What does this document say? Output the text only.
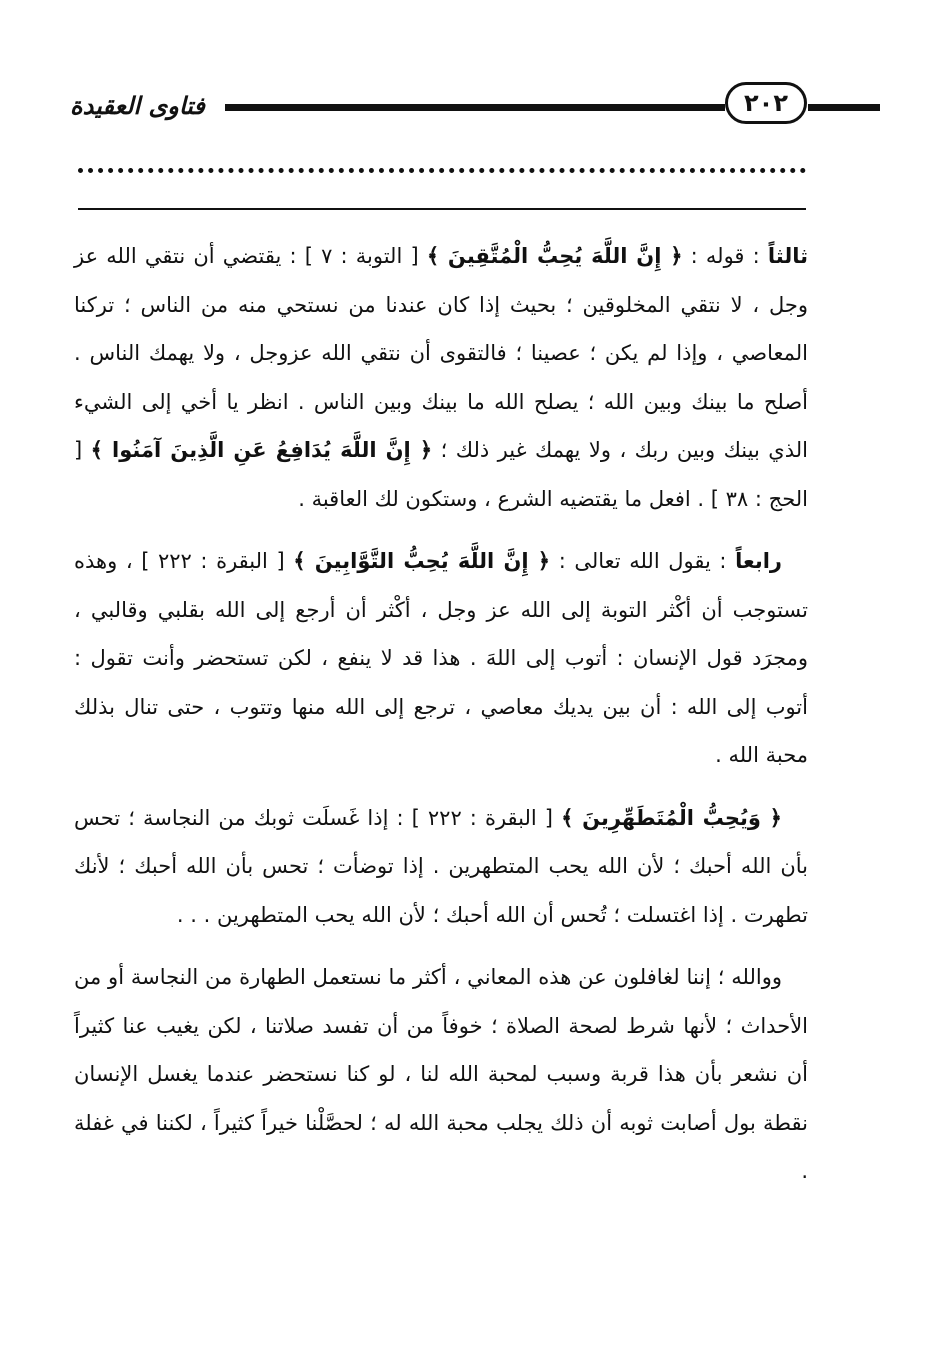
فتاوى العقيدة	٢٠٢

ثالثاً : قوله : ﴿ إِنَّ اللَّهَ يُحِبُّ الْمُتَّقِينَ ﴾ [ التوبة : ٧ ] : يقتضي أن نتقي الله عز وجل ، لا نتقي المخلوقين ؛ بحيث إذا كان عندنا من نستحي منه من الناس ؛ تركنا المعاصي ، وإذا لم يكن ؛ عصينا ؛ فالتقوى أن نتقي الله عزوجل ، ولا يهمك الناس . أصلح ما بينك وبين الله ؛ يصلح الله ما بينك وبين الناس . انظر يا أخي إلى الشيء الذي بينك وبين ربك ، ولا يهمك غير ذلك ؛ ﴿ إِنَّ اللَّهَ يُدَافِعُ عَنِ الَّذِينَ آمَنُوا ﴾ [ الحج : ٣٨ ] . افعل ما يقتضيه الشرع ، وستكون لك العاقبة .

رابعاً : يقول الله تعالى : ﴿ إِنَّ اللَّهَ يُحِبُّ التَّوَّابِينَ ﴾ [ البقرة : ٢٢٢ ] ، وهذه تستوجب أن أكْثر التوبة إلى الله عز وجل ، أكْثر أن أرجع إلى الله بقلبي وقالبي ، ومجرَد قول الإنسان : أتوب إلى اللهَ . هذا قد لا ينفع ، لكن تستحضر وأنت تقول : أتوب إلى الله : أن بين يديك معاصي ، ترجع إلى الله منها وتتوب ، حتى تنال بذلك محبة الله .

﴿ وَيُحِبُّ الْمُتَطَهِّرِينَ ﴾ [ البقرة : ٢٢٢ ] : إذا غَسلَت ثوبك من النجاسة ؛ تحس بأن الله أحبك ؛ لأن الله يحب المتطهرين . إذا توضأت ؛ تحس بأن الله أحبك ؛ لأنك تطهرت . إذا اغتسلت ؛ تُحس أن الله أحبك ؛ لأن الله يحب المتطهرين . . .

ووالله ؛ إننا لغافلون عن هذه المعاني ، أكثر ما نستعمل الطهارة من النجاسة أو من الأحداث ؛ لأنها شرط لصحة الصلاة ؛ خوفاً من أن تفسد صلاتنا ، لكن يغيب عنا كثيراً أن نشعر بأن هذا قربة وسبب لمحبة الله لنا ، لو كنا نستحضر عندما يغسل الإنسان نقطة بول أصابت ثوبه أن ذلك يجلب محبة الله له ؛ لحصَّلْنا خيراً كثيراً ، لكننا في غفلة .
